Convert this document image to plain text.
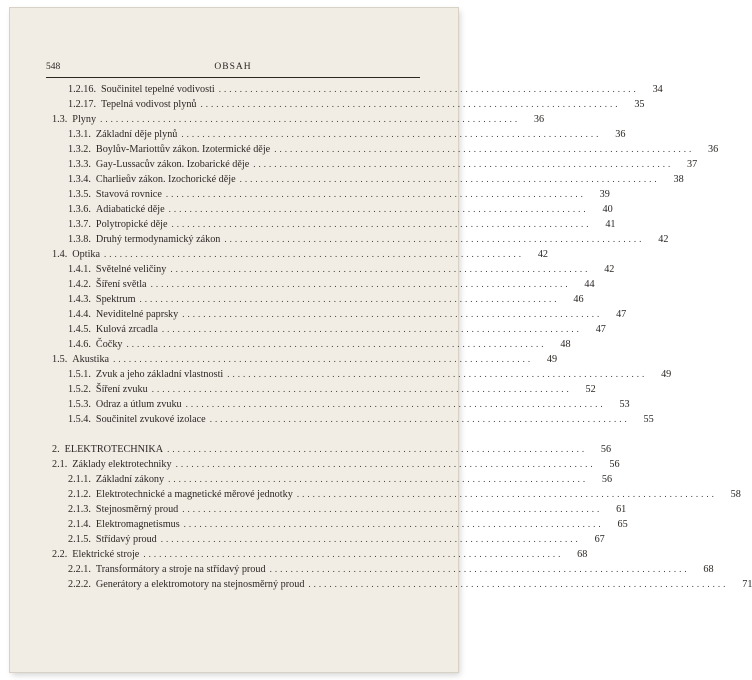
548	OBSAH
1.2.16. Součinitel tepelné vodivosti ................................................................................	34
1.2.17. Tepelná vodivost plynů ................................................................................	35
1.3. Plyny ................................................................................	36
1.3.1. Základní děje plynů ................................................................................	36
1.3.2. Boylův-Mariottův zákon. Izotermické děje ................................................................................	36
1.3.3. Gay-Lussacův zákon. Izobarické děje ................................................................................	37
1.3.4. Charlieův zákon. Izochorické děje ................................................................................	38
1.3.5. Stavová rovnice ................................................................................	39
1.3.6. Adiabatické děje ................................................................................	40
1.3.7. Polytropické děje ................................................................................	41
1.3.8. Druhý termodynamický zákon ................................................................................	42
1.4. Optika ................................................................................	42
1.4.1. Světelné veličiny ................................................................................	42
1.4.2. Šíření světla ................................................................................	44
1.4.3. Spektrum ................................................................................	46
1.4.4. Neviditelné paprsky ................................................................................	47
1.4.5. Kulová zrcadla ................................................................................	47
1.4.6. Čočky ................................................................................	48
1.5. Akustika ................................................................................	49
1.5.1. Zvuk a jeho základní vlastnosti ................................................................................	49
1.5.2. Šíření zvuku ................................................................................	52
1.5.3. Odraz a útlum zvuku ................................................................................	53
1.5.4. Součinitel zvukové izolace ................................................................................	55
2. ELEKTROTECHNIKA ................................................................................	56
2.1. Základy elektrotechniky ................................................................................	56
2.1.1. Základní zákony ................................................................................	56
2.1.2. Elektrotechnické a magnetické měrové jednotky ................................................................................	58
2.1.3. Stejnosměrný proud ................................................................................	61
2.1.4. Elektromagnetismus ................................................................................	65
2.1.5. Střídavý proud ................................................................................	67
2.2. Elektrické stroje ................................................................................	68
2.2.1. Transformátory a stroje na střídavý proud ................................................................................	68
2.2.2. Generátory a elektromotory na stejnosměrný proud ................................................................................	71
